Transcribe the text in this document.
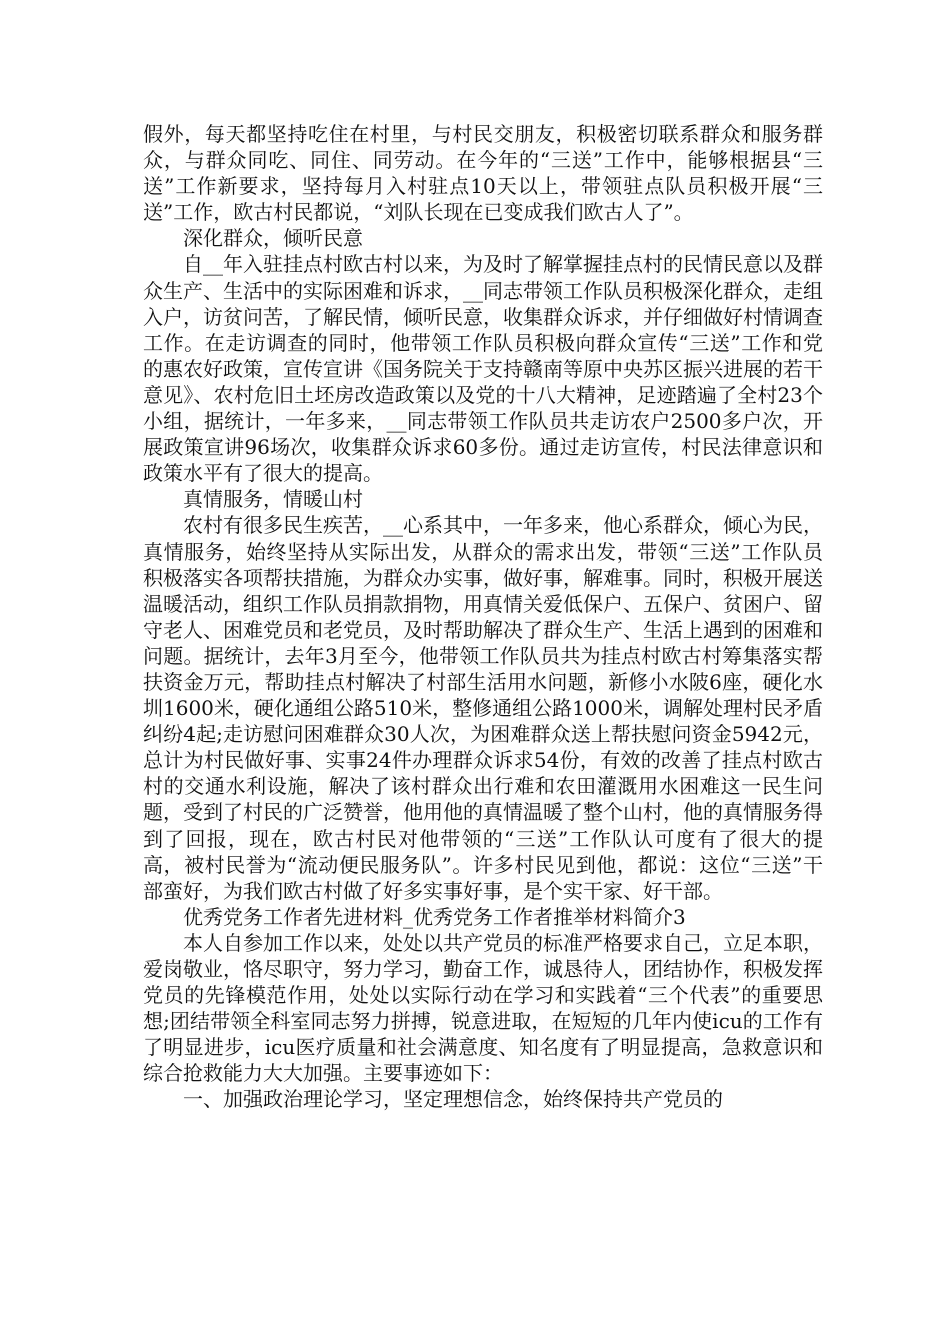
假外，每天都坚持吃住在村里，与村民交朋友，积极密切联系群众和服务群众，与群众同吃、同住、同劳动。在今年的“三送”工作中，能够根据县“三送”工作新要求，坚持每月入村驻点10天以上，带领驻点队员积极开展“三送”工作，欧古村民都说，“刘队长现在已变成我们欧古人了”。

深化群众，倾听民意

自__年入驻挂点村欧古村以来，为及时了解掌握挂点村的民情民意以及群众生产、生活中的实际困难和诉求，__同志带领工作队员积极深化群众，走组入户，访贫问苦，了解民情，倾听民意，收集群众诉求，并仔细做好村情调查工作。在走访调查的同时，他带领工作队员积极向群众宣传“三送”工作和党的惠农好政策，宣传宣讲《国务院关于支持赣南等原中央苏区振兴进展的若干意见》、农村危旧土坯房改造政策以及党的十八大精神，足迹踏遍了全村23个小组，据统计，一年多来，__同志带领工作队员共走访农户2500多户次，开展政策宣讲96场次，收集群众诉求60多份。通过走访宣传，村民法律意识和政策水平有了很大的提高。

真情服务，情暖山村

农村有很多民生疾苦，__心系其中，一年多来，他心系群众，倾心为民，真情服务，始终坚持从实际出发，从群众的需求出发，带领“三送”工作队员积极落实各项帮扶措施，为群众办实事，做好事，解难事。同时，积极开展送温暖活动，组织工作队员捐款捐物，用真情关爱低保户、五保户、贫困户、留守老人、困难党员和老党员，及时帮助解决了群众生产、生活上遇到的困难和问题。据统计，去年3月至今，他带领工作队员共为挂点村欧古村筹集落实帮扶资金万元，帮助挂点村解决了村部生活用水问题，新修小水陂6座，硬化水圳1600米，硬化通组公路510米，整修通组公路1000米，调解处理村民矛盾纠纷4起;走访慰问困难群众30人次，为困难群众送上帮扶慰问资金5942元，总计为村民做好事、实事24件办理群众诉求54份，有效的改善了挂点村欧古村的交通水利设施，解决了该村群众出行难和农田灌溉用水困难这一民生问题，受到了村民的广泛赞誉，他用他的真情温暖了整个山村，他的真情服务得到了回报，现在，欧古村民对他带领的“三送”工作队认可度有了很大的提高，被村民誉为“流动便民服务队”。许多村民见到他，都说：这位“三送”干部蛮好，为我们欧古村做了好多实事好事，是个实干家、好干部。

优秀党务工作者先进材料_优秀党务工作者推举材料简介3

本人自参加工作以来，处处以共产党员的标准严格要求自己，立足本职，爱岗敬业，恪尽职守，努力学习，勤奋工作，诚恳待人，团结协作，积极发挥党员的先锋模范作用，处处以实际行动在学习和实践着“三个代表”的重要思想;团结带领全科室同志努力拼搏，锐意进取，在短短的几年内使icu的工作有了明显进步，icu医疗质量和社会满意度、知名度有了明显提高，急救意识和综合抢救能力大大加强。主要事迹如下：

一、加强政治理论学习，坚定理想信念，始终保持共产党员的
